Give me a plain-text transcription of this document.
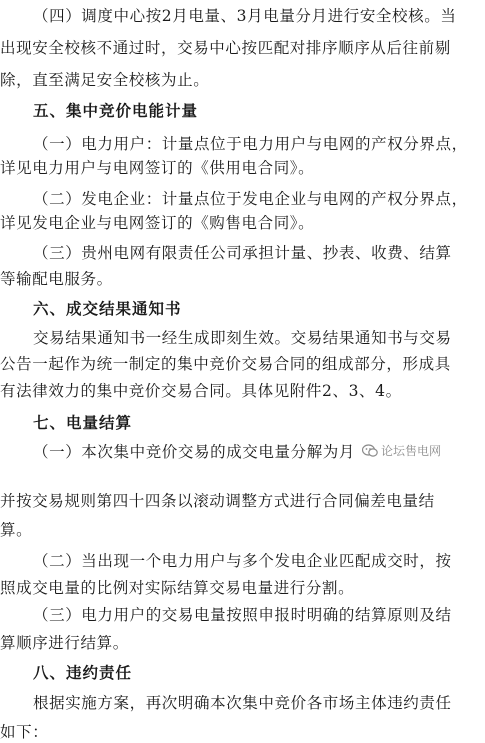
（四）调度中心按2月电量、3月电量分月进行安全校核。当
出现安全校核不通过时，交易中心按匹配对排序顺序从后往前剔
除，直至满足安全校核为止。
五、集中竞价电能计量
（一）电力用户：计量点位于电力用户与电网的产权分界点，
详见电力用户与电网签订的《供用电合同》。
（二）发电企业：计量点位于发电企业与电网的产权分界点，
详见发电企业与电网签订的《购售电合同》。
（三）贵州电网有限责任公司承担计量、抄表、收费、结算
等输配电服务。
六、成交结果通知书
交易结果通知书一经生成即刻生效。交易结果通知书与交易
公告一起作为统一制定的集中竞价交易合同的组成部分，形成具
有法律效力的集中竞价交易合同。具体见附件2、3、4。
七、电量结算
（一）本次集中竞价交易的成交电量分解为月 论坛售电网
并按交易规则第四十四条以滚动调整方式进行合同偏差电量结
算。
（二）当出现一个电力用户与多个发电企业匹配成交时，按
照成交电量的比例对实际结算交易电量进行分割。
（三）电力用户的交易电量按照申报时明确的结算原则及结
算顺序进行结算。
八、违约责任
根据实施方案，再次明确本次集中竞价各市场主体违约责任
如下：
